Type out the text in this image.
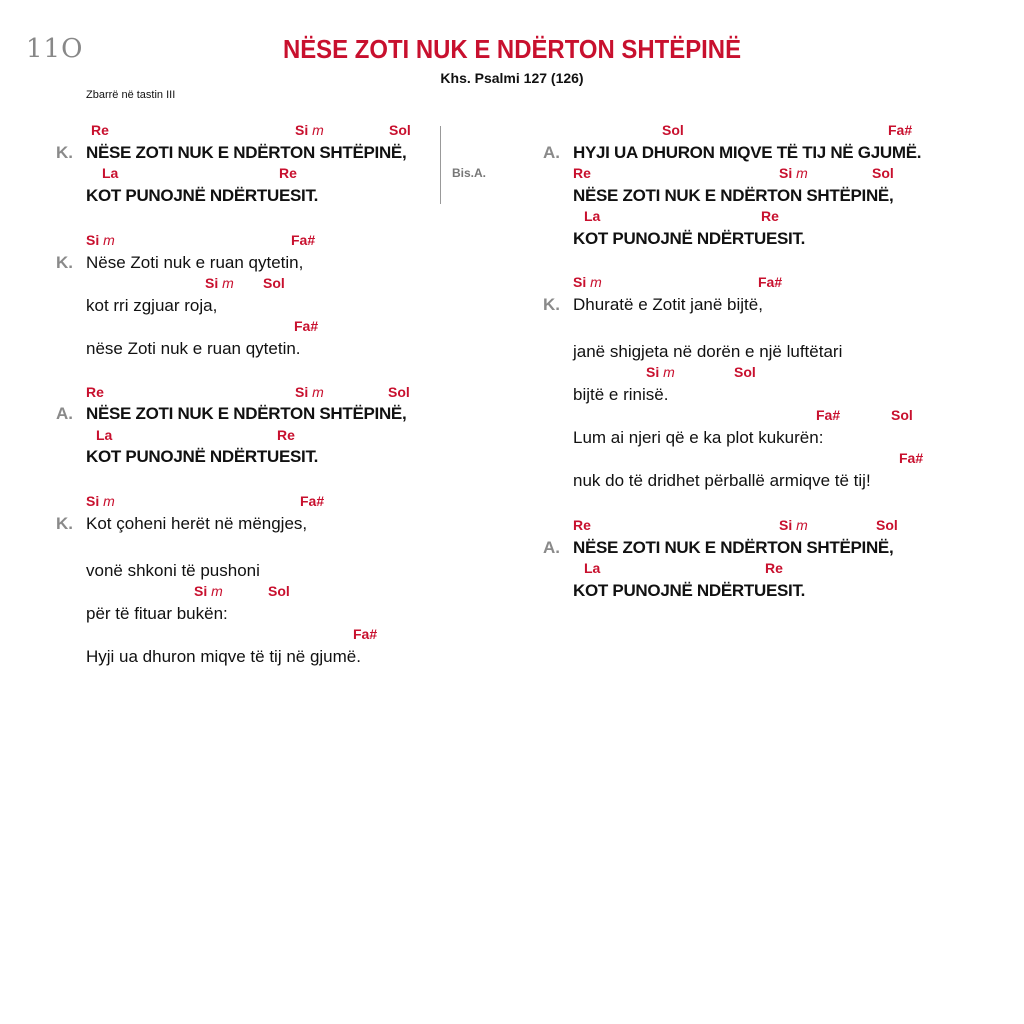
11O	NËSE ZOTI NUK E NDËRTON SHTËPINË
Khs. Psalmi 127 (126)
Zbarrë në tastin III
Re	Si m	Sol
K. NËSE ZOTI NUK E NDËRTON SHTËPINË,
La	Re
KOT PUNOJNË NDËRTUESIT.
Bis.A.
Si m	Fa#
K. Nëse Zoti nuk e ruan qytetin,
Si m Sol
kot rri zgjuar roja,
Fa#
nëse Zoti nuk e ruan qytetin.
Re	Si m	Sol
A. NËSE ZOTI NUK E NDËRTON SHTËPINË,
La	Re
KOT PUNOJNË NDËRTUESIT.
Si m	Fa#
K. Kot çoheni herët në mëngjes,
vonë shkoni të pushoni
Si m	Sol
për të fituar bukën:
Fa#
Hyji ua dhuron miqve të tij në gjumë.
Sol	Fa#
A. HYJI UA DHURON MIQVE TË TIJ NË GJUMË.
Re	Si m	Sol
NËSE ZOTI NUK E NDËRTON SHTËPINË,
La	Re
KOT PUNOJNË NDËRTUESIT.
Si m	Fa#
K. Dhuratë e Zotit janë bijtë,
janë shigjeta në dorën e një luftëtari
Si m	Sol
bijtë e rinisë.
Fa#	Sol
Lum ai njeri që e ka plot kukurën:
Fa#
nuk do të dridhet përballë armiqve të tij!
Re	Si m	Sol
A. NËSE ZOTI NUK E NDËRTON SHTËPINË,
La	Re
KOT PUNOJNË NDËRTUESIT.
